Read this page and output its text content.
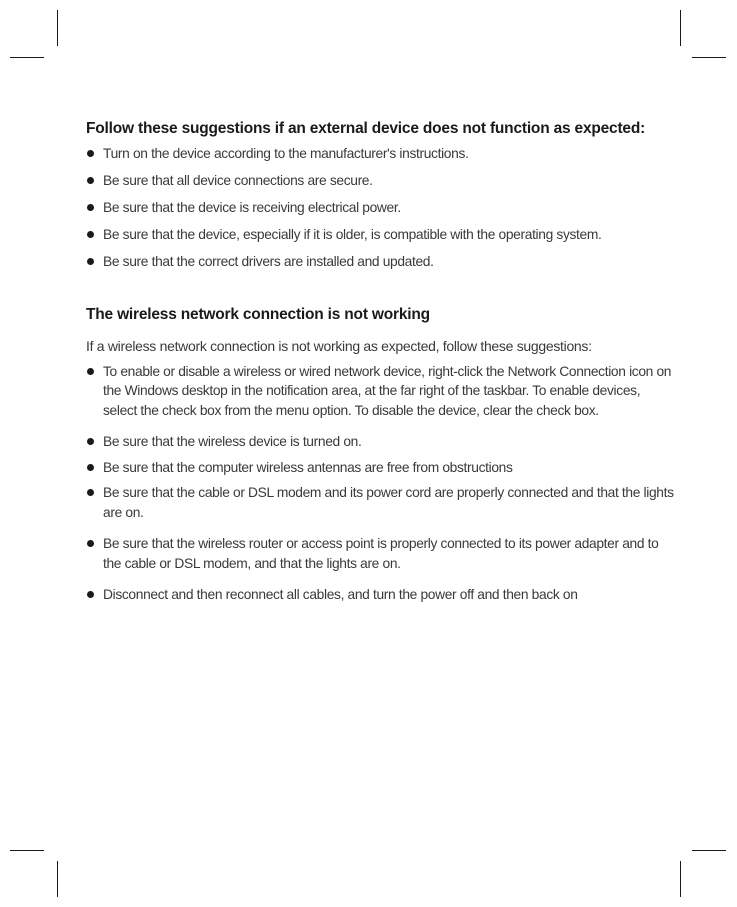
Follow these suggestions if an external device does not function as expected:
Turn on the device according to the manufacturer's instructions.
Be sure that all device connections are secure.
Be sure that the device is receiving electrical power.
Be sure that the device, especially if it is older, is compatible with the operating system.
Be sure that the correct drivers are installed and updated.
The wireless network connection is not working

If a wireless network connection is not working as expected, follow these suggestions:

To enable or disable a wireless or wired network device, right-click the Network Connection icon on the Windows desktop in the notification area, at the far right of the taskbar. To enable devices, select the check box from the menu option. To disable the device, clear the check box.
Be sure that the wireless device is turned on.
Be sure that the computer wireless antennas are free from obstructions
Be sure that the cable or DSL modem and its power cord are properly connected and that the lights are on.
Be sure that the wireless router or access point is properly connected to its power adapter and to the cable or DSL modem, and that the lights are on.
Disconnect and then reconnect all cables, and turn the power off and then back on
